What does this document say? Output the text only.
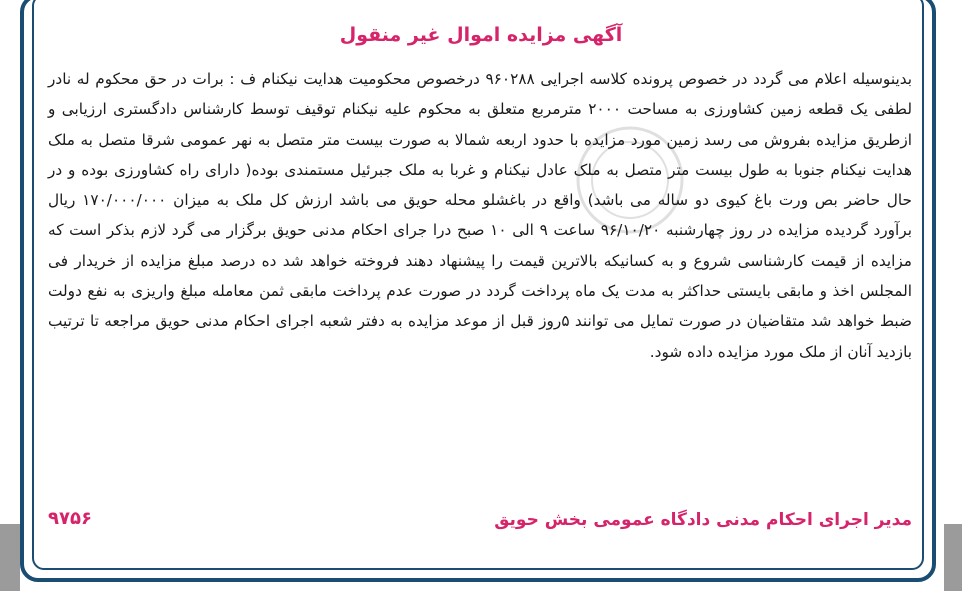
آگهی مزایده اموال غیر منقول
بدینوسیله اعلام می گردد در خصوص پرونده کلاسه اجرایی ۹۶۰۲۸۸ درخصوص محکومیت هدایت نیکنام ف : برات در حق محکوم له نادر لطفی یک قطعه زمین کشاورزی به مساحت ۲۰۰۰ مترمربع متعلق به محکوم علیه نیکنام توقیف توسط کارشناس دادگستری ارزیابی و ازطریق مزایده بفروش می رسد زمین مورد مزایده با حدود اربعه شمالا به صورت بیست متر متصل به نهر عمومی شرقا متصل به ملک هدایت نیکنام جنوبا به طول بیست متر متصل به ملک عادل نیکنام و غربا به ملک جبرئیل مستمندی بوده( دارای راه کشاورزی بوده و در حال حاضر بص ورت باغ کیوی دو ساله می باشد) واقع در باغشلو محله حویق می باشد ارزش کل ملک به میزان ۱۷۰/۰۰۰/۰۰۰ ریال برآورد گردیده مزایده در روز چهارشنبه ۹۶/۱۰/۲۰ ساعت ۹ الی ۱۰ صبح درا جرای احکام مدنی حویق برگزار می گرد لازم بذکر است که مزایده از قیمت کارشناسی شروع و به کسانیکه بالاترین قیمت را پیشنهاد دهند فروخته خواهد شد ده درصد مبلغ مزایده از خریدار فی المجلس اخذ و مابقی بایستی حداکثر به مدت یک ماه پرداخت گردد در صورت عدم پرداخت مابقی ثمن معامله مبلغ واریزی به نفع دولت ضبط خواهد شد متقاضیان در صورت تمایل می توانند ۵روز قبل از موعد مزایده به دفتر شعبه اجرای احکام مدنی حویق مراجعه تا ترتیب بازدید آنان از ملک مورد مزایده داده شود.
۹۷۵۶	مدیر اجرای احکام مدنی دادگاه عمومی بخش حویق
